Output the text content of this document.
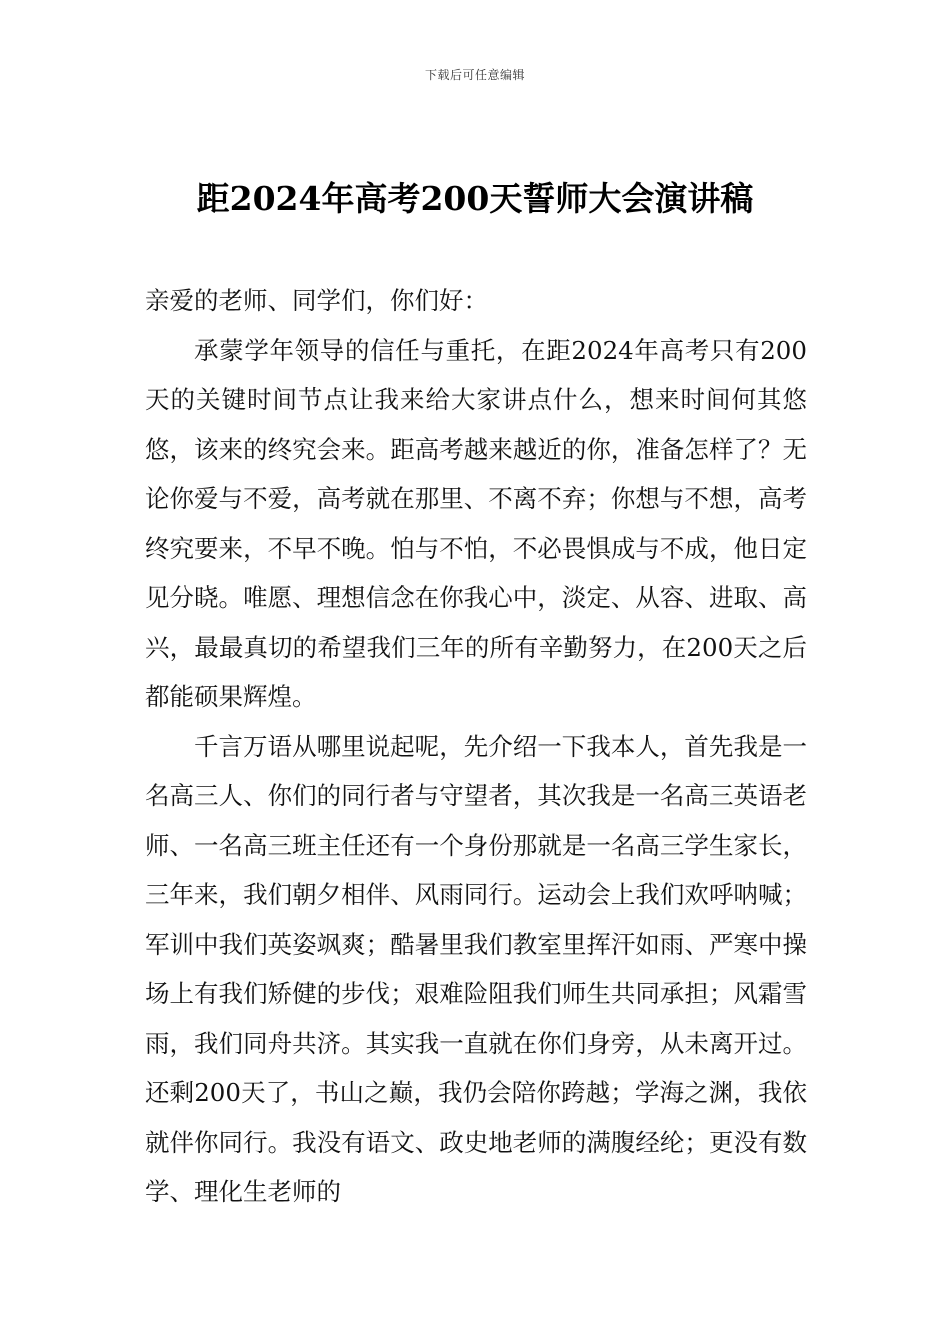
下载后可任意编辑
距2024年高考200天誓师大会演讲稿

亲爱的老师、同学们，你们好：

承蒙学年领导的信任与重托，在距2024年高考只有200天的关键时间节点让我来给大家讲点什么，想来时间何其悠悠，该来的终究会来。距高考越来越近的你，准备怎样了？无论你爱与不爱，高考就在那里、不离不弃；你想与不想，高考终究要来，不早不晚。怕与不怕，不必畏惧成与不成，他日定见分晓。唯愿、理想信念在你我心中，淡定、从容、进取、高兴，最最真切的希望我们三年的所有辛勤努力，在200天之后都能硕果辉煌。

千言万语从哪里说起呢，先介绍一下我本人，首先我是一名高三人、你们的同行者与守望者，其次我是一名高三英语老师、一名高三班主任还有一个身份那就是一名高三学生家长，三年来，我们朝夕相伴、风雨同行。运动会上我们欢呼呐喊；军训中我们英姿飒爽；酷暑里我们教室里挥汗如雨、严寒中操场上有我们矫健的步伐；艰难险阻我们师生共同承担；风霜雪雨，我们同舟共济。其实我一直就在你们身旁，从未离开过。还剩200天了，书山之巅，我仍会陪你跨越；学海之渊，我依就伴你同行。我没有语文、政史地老师的满腹经纶；更没有数学、理化生老师的
